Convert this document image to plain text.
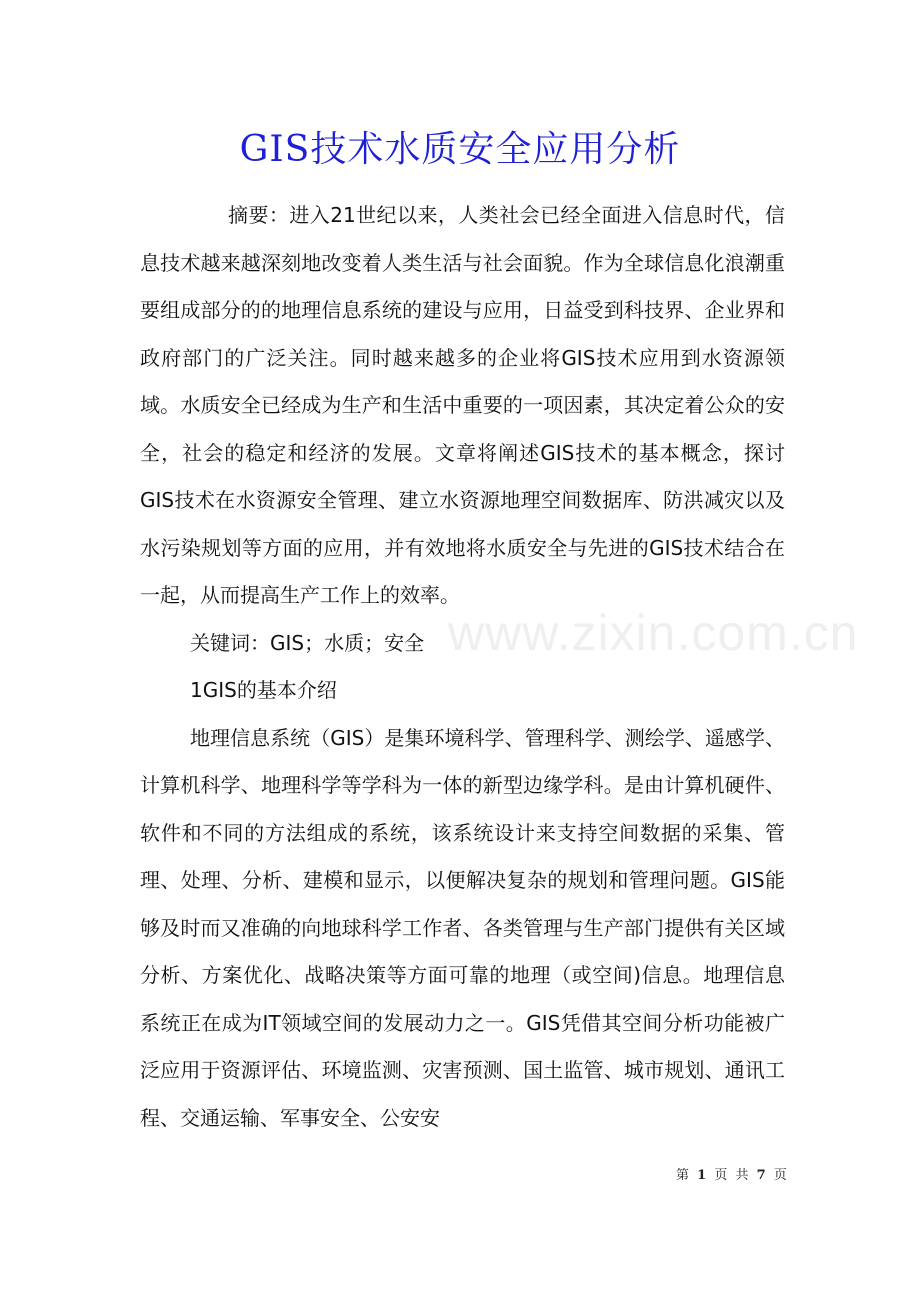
GIS技术水质安全应用分析

摘要：进入21世纪以来，人类社会已经全面进入信息时代，信息技术越来越深刻地改变着人类生活与社会面貌。作为全球信息化浪潮重要组成部分的的地理信息系统的建设与应用，日益受到科技界、企业界和政府部门的广泛关注。同时越来越多的企业将GIS技术应用到水资源领域。水质安全已经成为生产和生活中重要的一项因素，其决定着公众的安全，社会的稳定和经济的发展。文章将阐述GIS技术的基本概念，探讨GIS技术在水资源安全管理、建立水资源地理空间数据库、防洪减灾以及水污染规划等方面的应用，并有效地将水质安全与先进的GIS技术结合在一起，从而提高生产工作上的效率。

关键词：GIS；水质；安全

1GIS的基本介绍

地理信息系统（GIS）是集环境科学、管理科学、测绘学、遥感学、计算机科学、地理科学等学科为一体的新型边缘学科。是由计算机硬件、软件和不同的方法组成的系统，该系统设计来支持空间数据的采集、管理、处理、分析、建模和显示，以便解决复杂的规划和管理问题。GIS能够及时而又准确的向地球科学工作者、各类管理与生产部门提供有关区域分析、方案优化、战略决策等方面可靠的地理（或空间)信息。地理信息系统正在成为IT领域空间的发展动力之一。GIS凭借其空间分析功能被广泛应用于资源评估、环境监测、灾害预测、国土监管、城市规划、通讯工程、交通运输、军事安全、公安安

www.zixin.com.cn
第 1 页 共 7 页
